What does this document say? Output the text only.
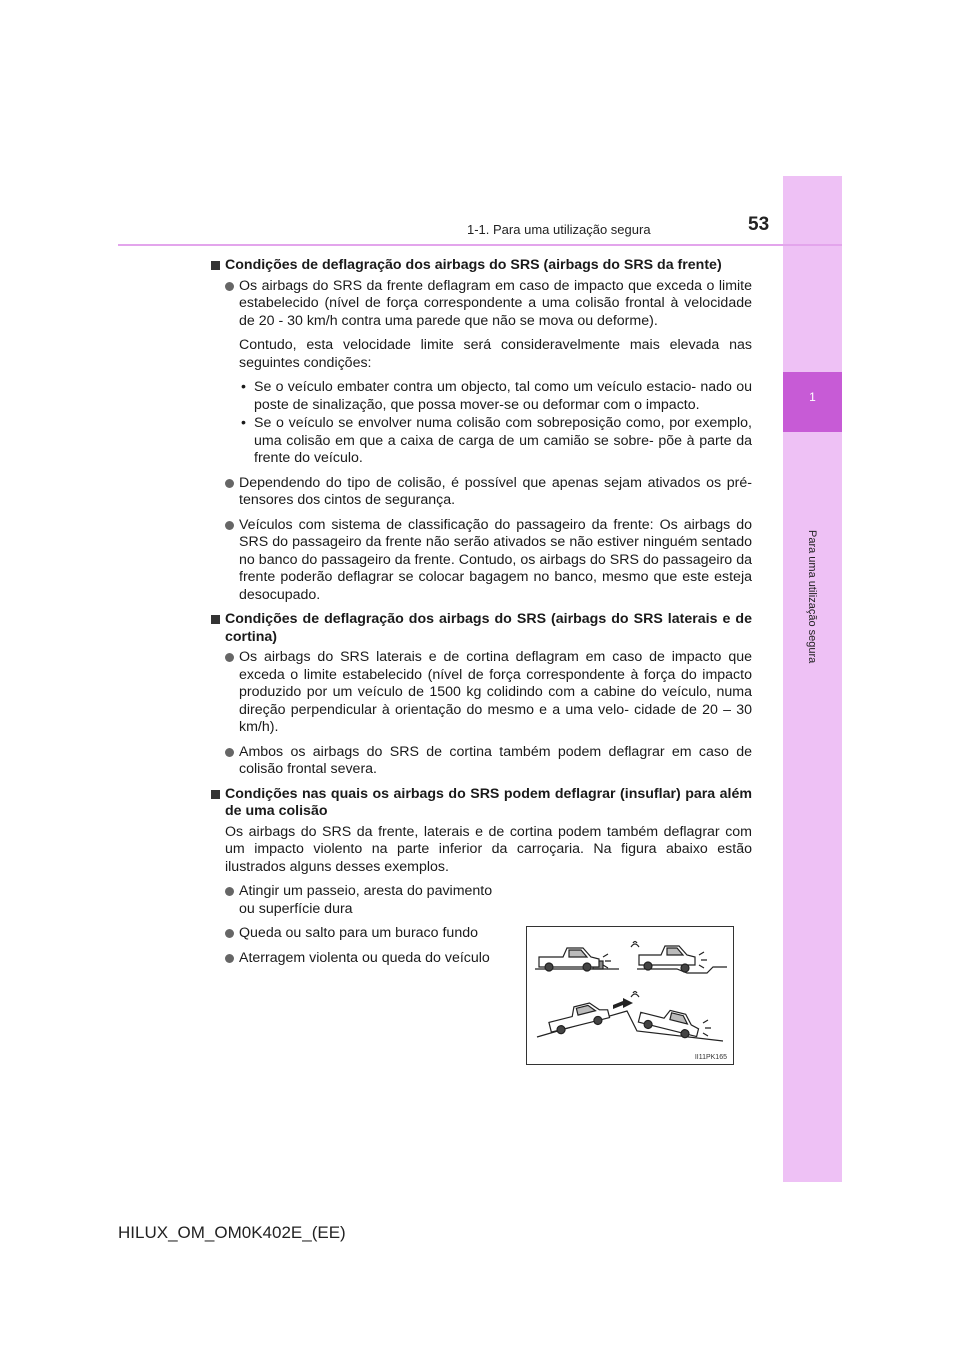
1
Para uma utilização segura
1-1. Para uma utilização segura	53
Condições de deflagração dos airbags do SRS (airbags do SRS da frente)
Os airbags do SRS da frente deflagram em caso de impacto que exceda o limite estabelecido (nível de força correspondente a uma colisão frontal à velocidade de 20 - 30 km/h contra uma parede que não se mova ou deforme).
Contudo, esta velocidade limite será consideravelmente mais elevada nas seguintes condições:
• Se o veículo embater contra um objecto, tal como um veículo estacio- nado ou poste de sinalização, que possa mover-se ou deformar com o impacto.
• Se o veículo se envolver numa colisão com sobreposição como, por exemplo, uma colisão em que a caixa de carga de um camião se sobre- põe à parte da frente do veículo.
Dependendo do tipo de colisão, é possível que apenas sejam ativados os pré-tensores dos cintos de segurança.
Veículos com sistema de classificação do passageiro da frente: Os airbags do SRS do passageiro da frente não serão ativados se não estiver ninguém sentado no banco do passageiro da frente. Contudo, os airbags do SRS do passageiro da frente poderão deflagrar se colocar bagagem no banco, mesmo que este esteja desocupado.
Condições de deflagração dos airbags do SRS (airbags do SRS laterais e de cortina)
Os airbags do SRS laterais e de cortina deflagram em caso de impacto que exceda o limite estabelecido (nível de força correspondente à força do impacto produzido por um veículo de 1500 kg colidindo com a cabine do veículo, numa direção perpendicular à orientação do mesmo e a uma velo- cidade de 20 – 30 km/h).
Ambos os airbags do SRS de cortina também podem deflagrar em caso de colisão frontal severa.
Condições nas quais os airbags do SRS podem deflagrar (insuflar) para além de uma colisão
Os airbags do SRS da frente, laterais e de cortina podem também deflagrar com um impacto violento na parte inferior da carroçaria. Na figura abaixo estão ilustrados alguns desses exemplos.
Atingir um passeio, aresta do pavimento ou superfície dura
Queda ou salto para um buraco fundo
Aterragem violenta ou queda do veículo
II11PK165
HILUX_OM_OM0K402E_(EE)
